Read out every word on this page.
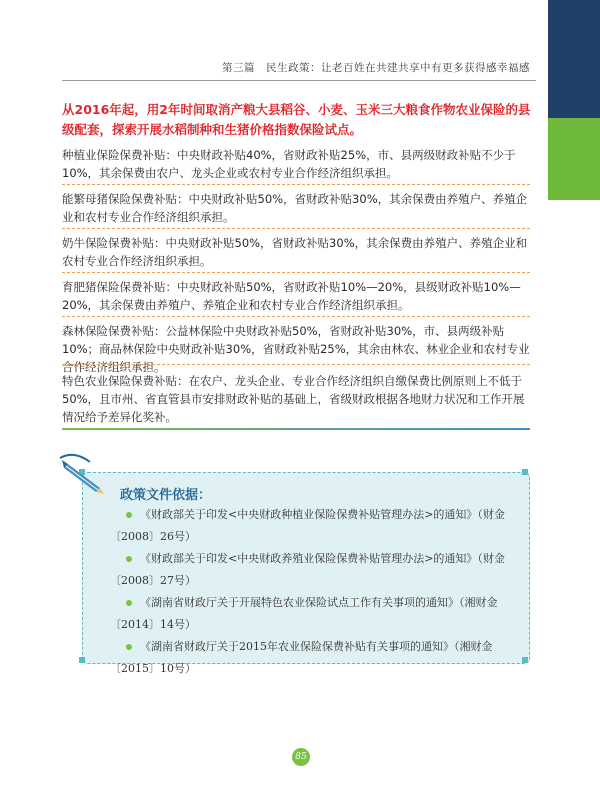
第三篇　民生政策：让老百姓在共建共享中有更多获得感幸福感
从2016年起，用2年时间取消产粮大县稻谷、小麦、玉米三大粮食作物农业保险的县级配套，探索开展水稻制种和生猪价格指数保险试点。
种植业保险保费补贴：中央财政补贴40%，省财政补贴25%，市、县两级财政补贴不少于10%，其余保费由农户、龙头企业或农村专业合作经济组织承担。
能繁母猪保险保费补贴：中央财政补贴50%，省财政补贴30%，其余保费由养殖户、养殖企业和农村专业合作经济组织承担。
奶牛保险保费补贴：中央财政补贴50%，省财政补贴30%，其余保费由养殖户、养殖企业和农村专业合作经济组织承担。
育肥猪保险保费补贴：中央财政补贴50%，省财政补贴10%—20%，县级财政补贴10%—20%，其余保费由养殖户、养殖企业和农村专业合作经济组织承担。
森林保险保费补贴：公益林保险中央财政补贴50%，省财政补贴30%，市、县两级补贴10%；商品林保险中央财政补贴30%，省财政补贴25%，其余由林农、林业企业和农村专业合作经济组织承担。
特色农业保险保费补贴：在农户、龙头企业、专业合作经济组织自缴保费比例原则上不低于50%，且市州、省直管县市安排财政补贴的基础上，省级财政根据各地财力状况和工作开展情况给予差异化奖补。
政策文件依据：
《财政部关于印发<中央财政种植业保险保费补贴管理办法>的通知》（财金〔2008〕26号）
《财政部关于印发<中央财政养殖业保险保费补贴管理办法>的通知》（财金〔2008〕27号）
《湖南省财政厅关于开展特色农业保险试点工作有关事项的通知》（湘财金〔2014〕14号）
《湖南省财政厅关于2015年农业保险保费补贴有关事项的通知》（湘财金〔2015〕10号）
85
